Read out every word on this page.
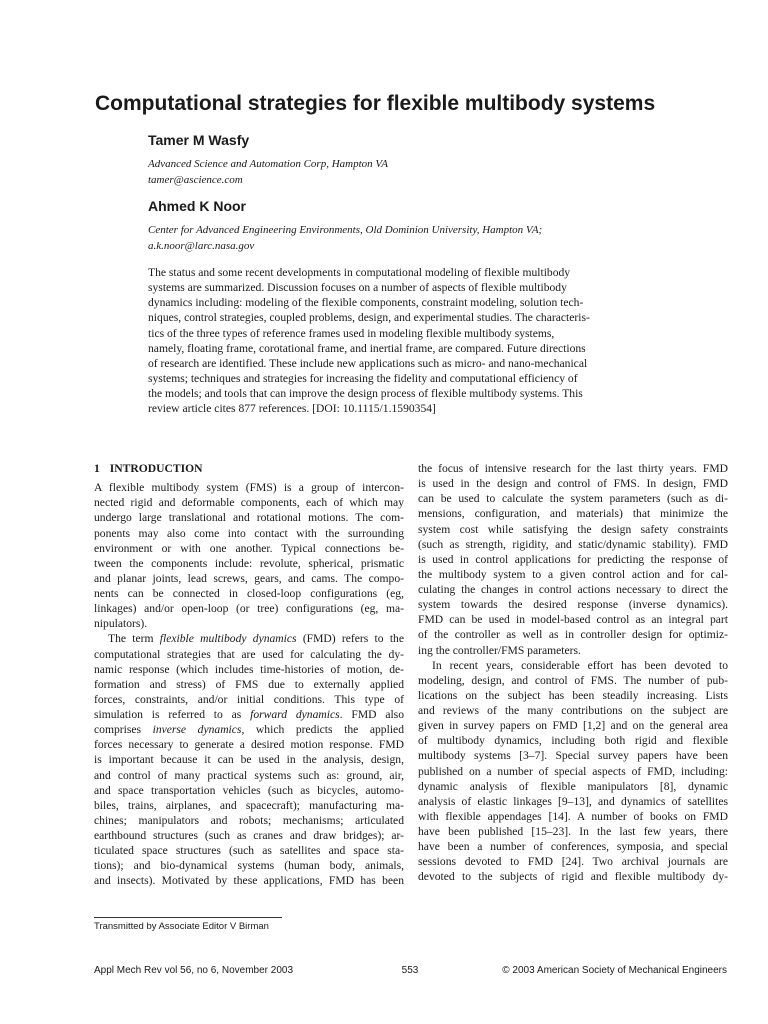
Computational strategies for flexible multibody systems

Tamer M Wasfy

Advanced Science and Automation Corp, Hampton VA

tamer@ascience.com

Ahmed K Noor

Center for Advanced Engineering Environments, Old Dominion University, Hampton VA;

a.k.noor@larc.nasa.gov

The status and some recent developments in computational modeling of flexible multibody
systems are summarized. Discussion focuses on a number of aspects of flexible multibody
dynamics including: modeling of the flexible components, constraint modeling, solution tech-
niques, control strategies, coupled problems, design, and experimental studies. The characteris-
tics of the three types of reference frames used in modeling flexible multibody systems,
namely, floating frame, corotational frame, and inertial frame, are compared. Future directions
of research are identified. These include new applications such as micro- and nano-mechanical
systems; techniques and strategies for increasing the fidelity and computational efficiency of
the models; and tools that can improve the design process of flexible multibody systems. This
review article cites 877 references. [DOI: 10.1115/1.1590354]
1 INTRODUCTION
A flexible multibody system (FMS) is a group of intercon-
nected rigid and deformable components, each of which may
undergo large translational and rotational motions. The com-
ponents may also come into contact with the surrounding
environment or with one another. Typical connections be-
tween the components include: revolute, spherical, prismatic
and planar joints, lead screws, gears, and cams. The compo-
nents can be connected in closed-loop configurations (eg,
linkages) and/or open-loop (or tree) configurations (eg, ma-
nipulators).
The term flexible multibody dynamics (FMD) refers to the
computational strategies that are used for calculating the dy-
namic response (which includes time-histories of motion, de-
formation and stress) of FMS due to externally applied
forces, constraints, and/or initial conditions. This type of
simulation is referred to as forward dynamics. FMD also
comprises inverse dynamics, which predicts the applied
forces necessary to generate a desired motion response. FMD
is important because it can be used in the analysis, design,
and control of many practical systems such as: ground, air,
and space transportation vehicles (such as bicycles, automo-
biles, trains, airplanes, and spacecraft); manufacturing ma-
chines; manipulators and robots; mechanisms; articulated
earthbound structures (such as cranes and draw bridges); ar-
ticulated space structures (such as satellites and space sta-
tions); and bio-dynamical systems (human body, animals,
and insects). Motivated by these applications, FMD has been
the focus of intensive research for the last thirty years. FMD
is used in the design and control of FMS. In design, FMD
can be used to calculate the system parameters (such as di-
mensions, configuration, and materials) that minimize the
system cost while satisfying the design safety constraints
(such as strength, rigidity, and static/dynamic stability). FMD
is used in control applications for predicting the response of
the multibody system to a given control action and for cal-
culating the changes in control actions necessary to direct the
system towards the desired response (inverse dynamics).
FMD can be used in model-based control as an integral part
of the controller as well as in controller design for optimiz-
ing the controller/FMS parameters.
In recent years, considerable effort has been devoted to
modeling, design, and control of FMS. The number of pub-
lications on the subject has been steadily increasing. Lists
and reviews of the many contributions on the subject are
given in survey papers on FMD [1,2] and on the general area
of multibody dynamics, including both rigid and flexible
multibody systems [3–7]. Special survey papers have been
published on a number of special aspects of FMD, including:
dynamic analysis of flexible manipulators [8], dynamic
analysis of elastic linkages [9–13], and dynamics of satellites
with flexible appendages [14]. A number of books on FMD
have been published [15–23]. In the last few years, there
have been a number of conferences, symposia, and special
sessions devoted to FMD [24]. Two archival journals are
devoted to the subjects of rigid and flexible multibody dy-

Transmitted by Associate Editor V Birman

Appl Mech Rev vol 56, no 6, November 2003	553	© 2003 American Society of Mechanical Engineers
